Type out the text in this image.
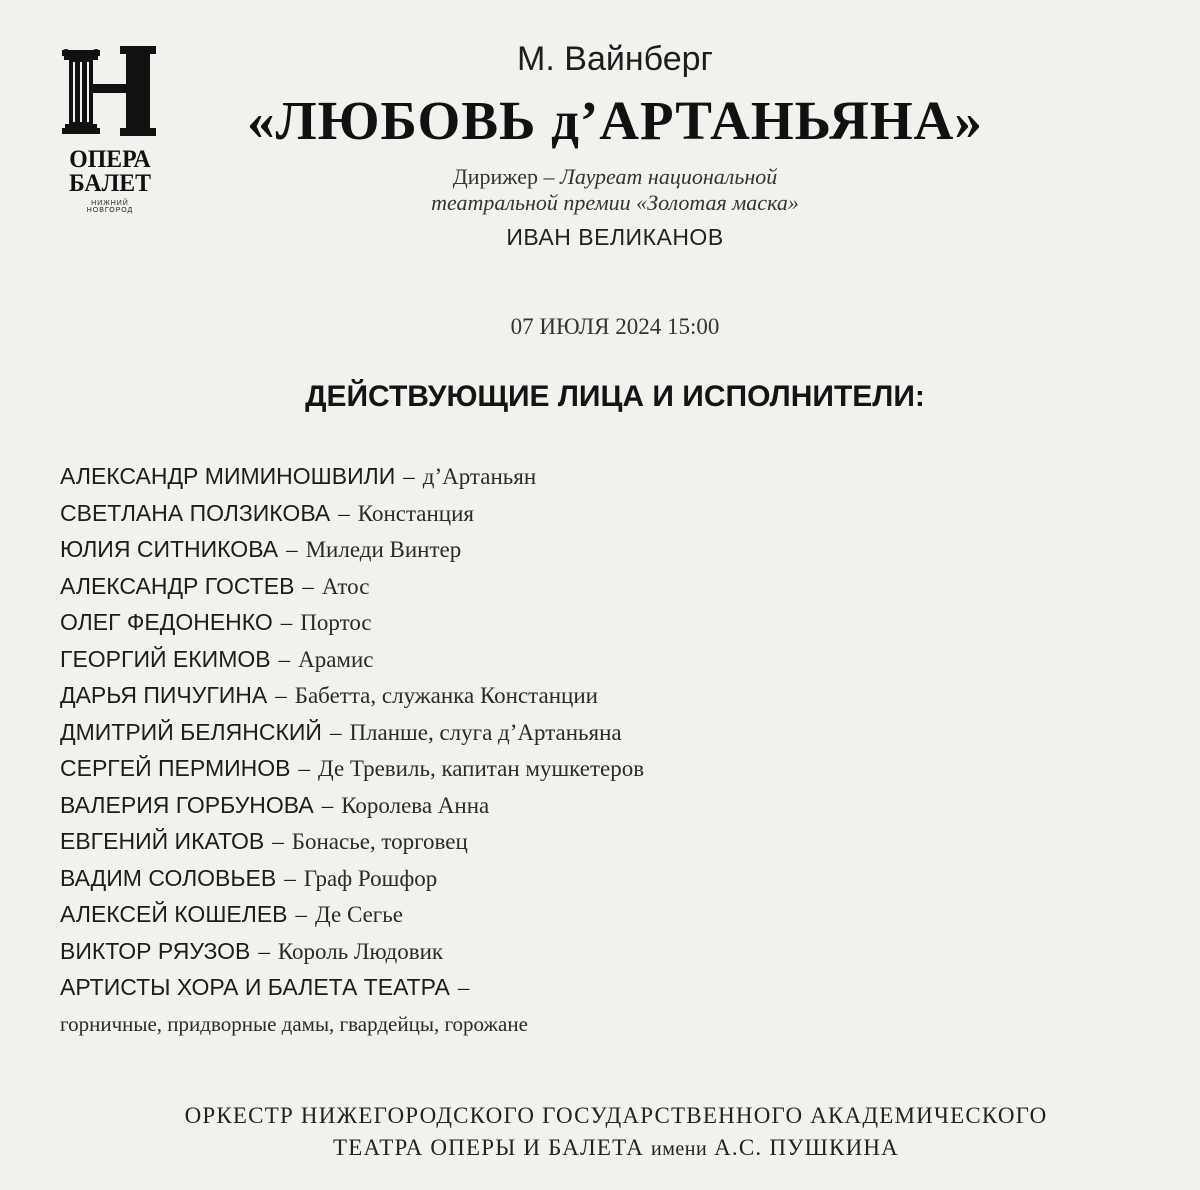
ОПЕРА
БАЛЕТ
НИЖНИЙ
НОВГОРОД

М. Вайнберг

«ЛЮБОВЬ д’АРТАНЬЯНА»
Дирижер – Лауреат национальной
театральной премии «Золотая маска»
ИВАН ВЕЛИКАНОВ
07 ИЮЛЯ 2024 15:00
ДЕЙСТВУЮЩИЕ ЛИЦА И ИСПОЛНИТЕЛИ:
АЛЕКСАНДР МИМИНОШВИЛИ – д’Артаньян
СВЕТЛАНА ПОЛЗИКОВА – Констанция
ЮЛИЯ СИТНИКОВА – Миледи Винтер
АЛЕКСАНДР ГОСТЕВ – Атос
ОЛЕГ ФЕДОНЕНКО – Портос
ГЕОРГИЙ ЕКИМОВ – Арамис
ДАРЬЯ ПИЧУГИНА – Бабетта, служанка Констанции
ДМИТРИЙ БЕЛЯНСКИЙ – Планше, слуга д’Артаньяна
СЕРГЕЙ ПЕРМИНОВ – Де Тревиль, капитан мушкетеров
ВАЛЕРИЯ ГОРБУНОВА – Королева Анна
ЕВГЕНИЙ ИКАТОВ – Бонасье, торговец
ВАДИМ СОЛОВЬЕВ – Граф Рошфор
АЛЕКСЕЙ КОШЕЛЕВ – Де Сегье
ВИКТОР РЯУЗОВ – Король Людовик
АРТИСТЫ ХОРА И БАЛЕТА ТЕАТРА –
горничные, придворные дамы, гвардейцы, горожане
ОРКЕСТР НИЖЕГОРОДСКОГО ГОСУДАРСТВЕННОГО АКАДЕМИЧЕСКОГО
ТЕАТРА ОПЕРЫ И БАЛЕТА имени А.С. ПУШКИНА
